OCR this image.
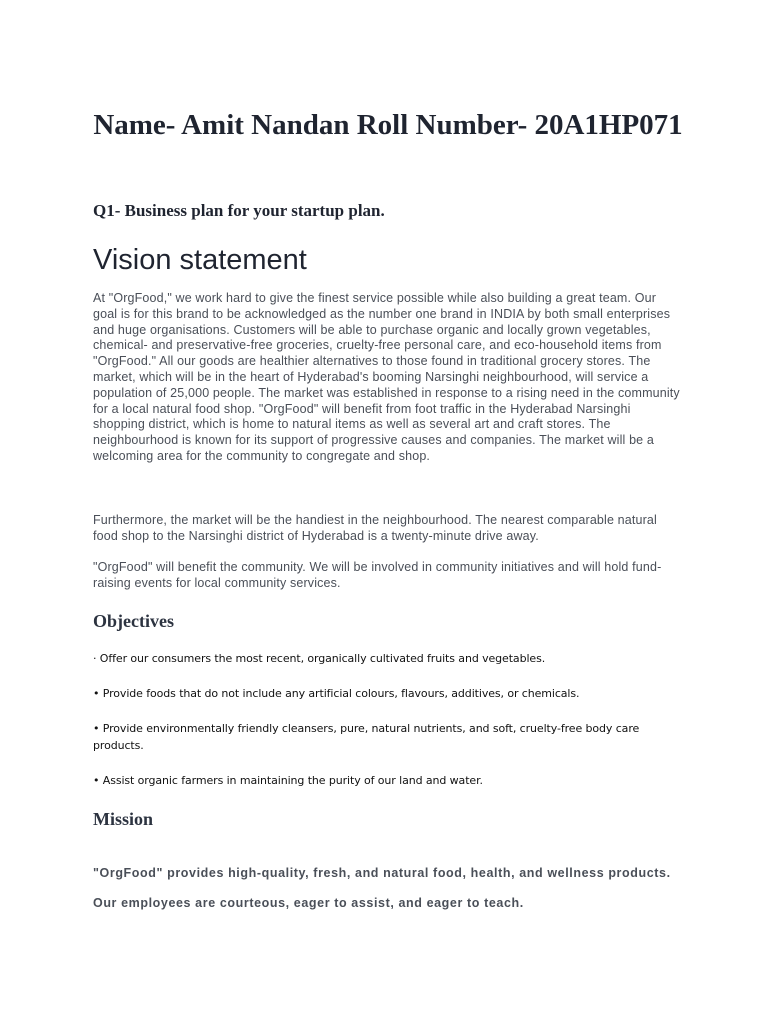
Name- Amit Nandan Roll Number- 20A1HP071
Q1- Business plan for your startup plan.
Vision statement

At "OrgFood," we work hard to give the finest service possible while also building a great team. Our goal is for this brand to be acknowledged as the number one brand in INDIA by both small enterprises and huge organisations. Customers will be able to purchase organic and locally grown vegetables, chemical- and preservative-free groceries, cruelty-free personal care, and eco-household items from "OrgFood." All our goods are healthier alternatives to those found in traditional grocery stores. The market, which will be in the heart of Hyderabad's booming Narsinghi neighbourhood, will service a population of 25,000 people. The market was established in response to a rising need in the community for a local natural food shop. "OrgFood" will benefit from foot traffic in the Hyderabad Narsinghi shopping district, which is home to natural items as well as several art and craft stores. The neighbourhood is known for its support of progressive causes and companies. The market will be a welcoming area for the community to congregate and shop.

Furthermore, the market will be the handiest in the neighbourhood. The nearest comparable natural food shop to the Narsinghi district of Hyderabad is a twenty-minute drive away.

"OrgFood" will benefit the community. We will be involved in community initiatives and will hold fund-raising events for local community services.

Objectives
· Offer our consumers the most recent, organically cultivated fruits and vegetables.
• Provide foods that do not include any artificial colours, flavours, additives, or chemicals.
• Provide environmentally friendly cleansers, pure, natural nutrients, and soft, cruelty-free body care products.
• Assist organic farmers in maintaining the purity of our land and water.
Mission

"OrgFood" provides high-quality, fresh, and natural food, health, and wellness products. Our employees are courteous, eager to assist, and eager to teach.
